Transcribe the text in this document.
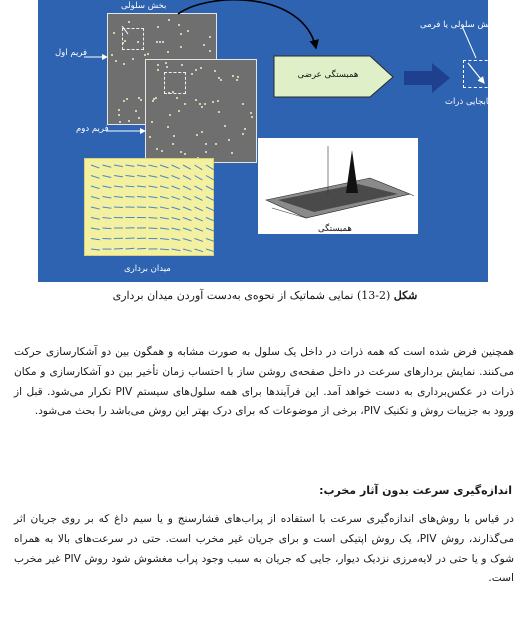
بخش سلولی
فریم اول
فریم دوم
همبستگی عرضی
بخش سلولی یا فرمی
جابجایی ذرات
همبستگی
میدان برداری
شکل (2-13) نمایی شماتیک از نحوه‌ی به‌دست آوردن میدان برداری

همچنین فرض شده است که همه ذرات در داخل یک سلول به صورت مشابه و همگون بین دو آشکارسازی حرکت می‌کنند. نمایش بردارهای سرعت در داخل صفحه‌ی روشن ساز با احتساب زمان تأخیر بین دو آشکارسازی و مکان ذرات در عکس‌برداری به دست خواهد آمد. این فرآیندها برای همه سلول‌های سیستم PIV تکرار می‌شود. قبل از ورود به جزییات روش و تکنیک PIV، برخی از موضوعات که برای درک بهتر این روش می‌باشد را بحث می‌شود.

اندازه‌گیری سرعت بدون آثار مخرب:

در قیاس با روش‌های اندازه‌گیری سرعت با استفاده از پراب‌های فشارسنج و یا سیم داغ که بر روی جریان اثر می‌گذارند، روش PIV، یک روش اپتیکی است و برای جریان غیر مخرب است. حتی در سرعت‌های بالا به همراه شوک و یا حتی در لایه‌مرزی نزدیک دیوار، جایی که جریان به سبب وجود پراب مغشوش شود روش PIV غیر مخرب است.
